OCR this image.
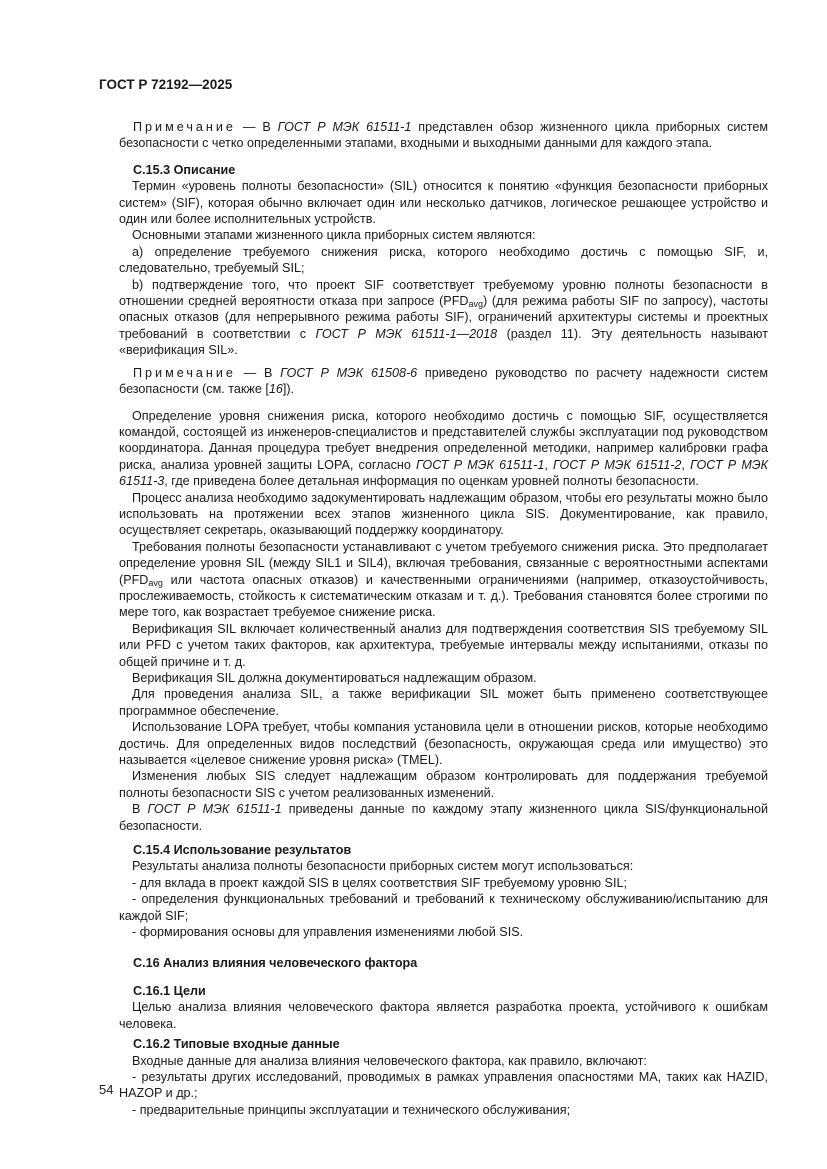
ГОСТ Р 72192—2025

Примечание — В ГОСТ Р МЭК 61511-1 представлен обзор жизненного цикла приборных систем безопасности с четко определенными этапами, входными и выходными данными для каждого этапа.

С.15.3 Описание

Термин «уровень полноты безопасности» (SIL) относится к понятию «функция безопасности приборных систем» (SIF), которая обычно включает один или несколько датчиков, логическое решающее устройство и один или более исполнительных устройств.

Основными этапами жизненного цикла приборных систем являются:

а) определение требуемого снижения риска, которого необходимо достичь с помощью SIF, и, следовательно, требуемый SIL;

b) подтверждение того, что проект SIF соответствует требуемому уровню полноты безопасности в отношении средней вероятности отказа при запросе $(PFD_{avg})$ (для режима работы SIF по запросу), частоты опасных отказов (для непрерывного режима работы SIF), ограничений архитектуры системы и проектных требований в соответствии с ГОСТ Р МЭК 61511-1—2018 (раздел 11). Эту деятельность называют «верификация SIL».

Примечание — В ГОСТ Р МЭК 61508-6 приведено руководство по расчету надежности систем безопасности (см. также [16]).

Определение уровня снижения риска, которого необходимо достичь с помощью SIF, осуществляется командой, состоящей из инженеров-специалистов и представителей службы эксплуатации под руководством координатора. Данная процедура требует внедрения определенной методики, например калибровки графа риска, анализа уровней защиты LOPA, согласно ГОСТ Р МЭК 61511-1, ГОСТ Р МЭК 61511-2, ГОСТ Р МЭК 61511-3, где приведена более детальная информация по оценкам уровней полноты безопасности.

Процесс анализа необходимо задокументировать надлежащим образом, чтобы его результаты можно было использовать на протяжении всех этапов жизненного цикла SIS. Документирование, как правило, осуществляет секретарь, оказывающий поддержку координатору.

Требования полноты безопасности устанавливают с учетом требуемого снижения риска. Это предполагает определение уровня SIL (между SIL1 и SIL4), включая требования, связанные с вероятностными аспектами ($PFD_{avg}$ или частота опасных отказов) и качественными ограничениями (например, отказоустойчивость, прослеживаемость, стойкость к систематическим отказам и т. д.). Требования становятся более строгими по мере того, как возрастает требуемое снижение риска.

Верификация SIL включает количественный анализ для подтверждения соответствия SIS требуемому SIL или PFD с учетом таких факторов, как архитектура, требуемые интервалы между испытаниями, отказы по общей причине и т. д.

Верификация SIL должна документироваться надлежащим образом.

Для проведения анализа SIL, а также верификации SIL может быть применено соответствующее программное обеспечение.

Использование LOPA требует, чтобы компания установила цели в отношении рисков, которые необходимо достичь. Для определенных видов последствий (безопасность, окружающая среда или имущество) это называется «целевое снижение уровня риска» (TMEL).

Изменения любых SIS следует надлежащим образом контролировать для поддержания требуемой полноты безопасности SIS с учетом реализованных изменений.

В ГОСТ Р МЭК 61511-1 приведены данные по каждому этапу жизненного цикла SIS/функциональной безопасности.

С.15.4 Использование результатов

Результаты анализа полноты безопасности приборных систем могут использоваться:

- для вклада в проект каждой SIS в целях соответствия SIF требуемому уровню SIL;

- определения функциональных требований и требований к техническому обслуживанию/испытанию для каждой SIF;

- формирования основы для управления изменениями любой SIS.

С.16 Анализ влияния человеческого фактора

С.16.1 Цели

Целью анализа влияния человеческого фактора является разработка проекта, устойчивого к ошибкам человека.

С.16.2 Типовые входные данные

Входные данные для анализа влияния человеческого фактора, как правило, включают:

- результаты других исследований, проводимых в рамках управления опасностями МА, таких как HAZID, HAZOP и др.;

- предварительные принципы эксплуатации и технического обслуживания;

54
